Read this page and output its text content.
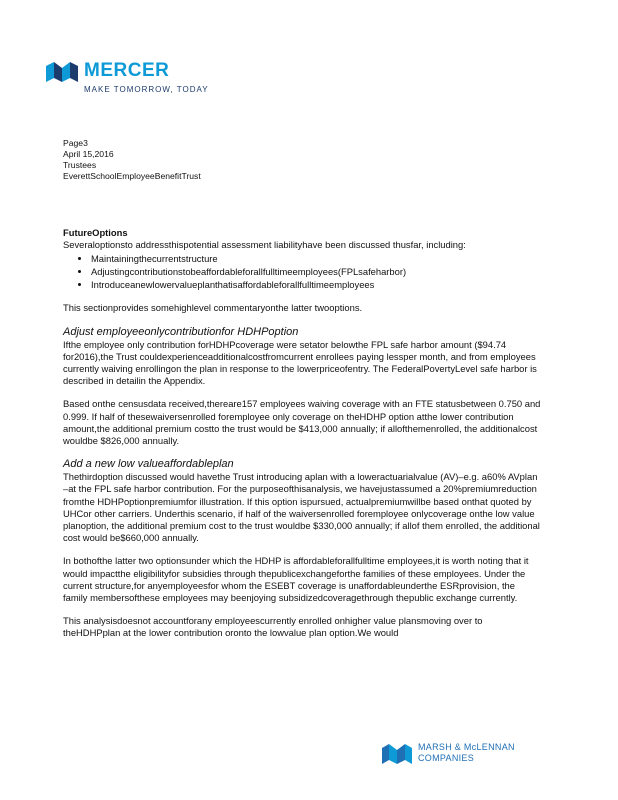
MERCER
MAKE TOMORROW, TODAY
Page3
April 15,2016
Trustees
EverettSchoolEmployeeBenefitTrust

FutureOptions

Severaloptionsto addressthispotential assessment liabilityhave been discussed thusfar, including:

• Maintainingthecurrentstructure
• Adjustingcontributionstobeaffordableforallfulltimeemployees(FPLsafeharbor)
• Introduceanewlowervalueplanthatisaffordableforallfulltimeemployees

This sectionprovides somehighlevel commentaryonthe latter twooptions.

Adjust employeeonlycontributionfor HDHPoption

Ifthe employee only contribution forHDHPcoverage were setator belowthe FPL safe harbor amount ($94.74 for2016),the Trust couldexperienceadditionalcostfromcurrent enrollees paying lessper month, and from employees currently waiving enrollingon the plan in response to the lowerpriceofentry. The FederalPovertyLevel safe harbor is described in detailin the Appendix.

Based onthe censusdata received,thereare157 employees waiving coverage with an FTE statusbetween 0.750 and 0.999. If half of thesewaiversenrolled foremployee only coverage on theHDHP option atthe lower contribution amount,the additional premium costto the trust would be $413,000 annually; if allofthemenrolled, the additionalcost wouldbe $826,000 annually.

Add a new low valueaffordableplan

Thethirdoption discussed would havethe Trust introducing aplan with a loweractuarialvalue (AV)–e.g. a60% AVplan –at the FPL safe harbor contribution. For the purposeofthisanalysis, we havejustassumed a 20%premiumreduction fromthe HDHPoptionpremiumfor illustration. If this option ispursued, actualpremiumwillbe based onthat quoted by UHCor other carriers. Underthis scenario, if half of the waiversenrolled foremployee onlycoverage onthe low value planoption, the additional premium cost to the trust wouldbe $330,000 annually; if allof them enrolled, the additional cost would be$660,000 annually.

In bothofthe latter two optionsunder which the HDHP is affordableforallfulltime employees,it is worth noting that it would impactthe eligibilityfor subsidies through thepublicexchangeforthe families of these employees. Under the current structure,for anyemployeesfor whom the ESEBT coverage is unaffordableunderthe ESRprovision, the family membersofthese employees may beenjoying subsidizedcoveragethrough thepublic exchange currently.

This analysisdoesnot accountforany employeescurrently enrolled onhigher value plansmoving over to theHDHPplan at the lower contribution oronto the lowvalue plan option.We would

MARSH & McLENNAN
COMPANIES
